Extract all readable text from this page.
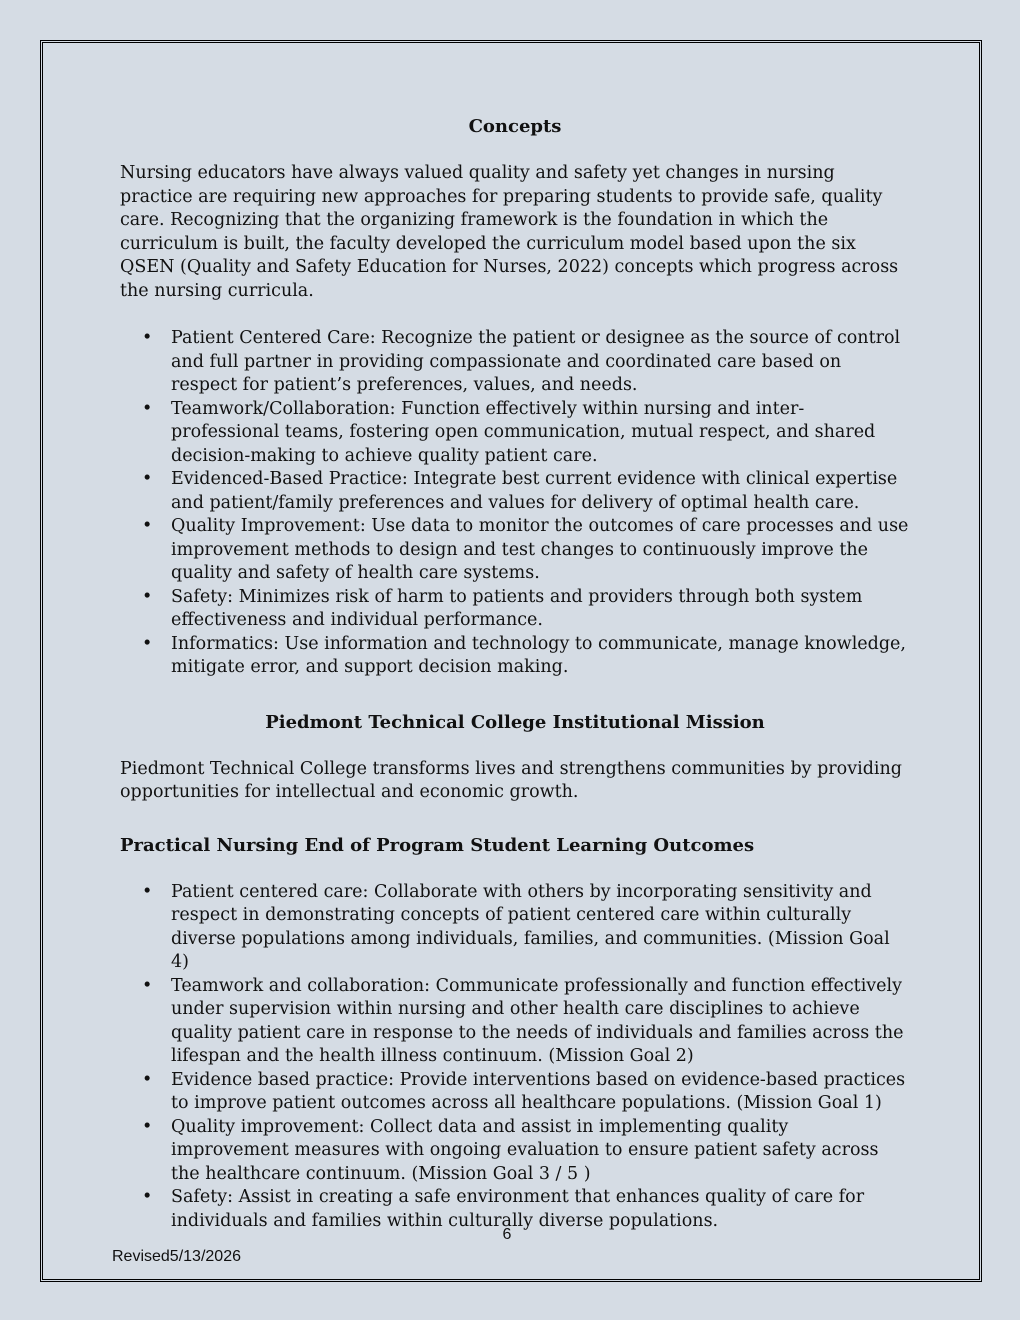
Concepts

Nursing educators have always valued quality and safety yet changes in nursing practice are requiring new approaches for preparing students to provide safe, quality care. Recognizing that the organizing framework is the foundation in which the curriculum is built, the faculty developed the curriculum model based upon the six QSEN (Quality and Safety Education for Nurses, 2022) concepts which progress across the nursing curricula.

• Patient Centered Care: Recognize the patient or designee as the source of control and full partner in providing compassionate and coordinated care based on respect for patient’s preferences, values, and needs.
• Teamwork/Collaboration: Function effectively within nursing and inter-professional teams, fostering open communication, mutual respect, and shared decision-making to achieve quality patient care.
• Evidenced-Based Practice: Integrate best current evidence with clinical expertise and patient/family preferences and values for delivery of optimal health care.
• Quality Improvement: Use data to monitor the outcomes of care processes and use improvement methods to design and test changes to continuously improve the quality and safety of health care systems.
• Safety: Minimizes risk of harm to patients and providers through both system effectiveness and individual performance.
• Informatics: Use information and technology to communicate, manage knowledge, mitigate error, and support decision making.
Piedmont Technical College Institutional Mission

Piedmont Technical College transforms lives and strengthens communities by providing opportunities for intellectual and economic growth.

Practical Nursing End of Program Student Learning Outcomes
• Patient centered care: Collaborate with others by incorporating sensitivity and respect in demonstrating concepts of patient centered care within culturally diverse populations among individuals, families, and communities. (Mission Goal 4)
• Teamwork and collaboration: Communicate professionally and function effectively under supervision within nursing and other health care disciplines to achieve quality patient care in response to the needs of individuals and families across the lifespan and the health illness continuum. (Mission Goal 2)
• Evidence based practice: Provide interventions based on evidence-based practices to improve patient outcomes across all healthcare populations. (Mission Goal 1)
• Quality improvement: Collect data and assist in implementing quality improvement measures with ongoing evaluation to ensure patient safety across the healthcare continuum. (Mission Goal 3 / 5 )
• Safety: Assist in creating a safe environment that enhances quality of care for individuals and families within culturally diverse populations.
6
Revised5/13/2026
